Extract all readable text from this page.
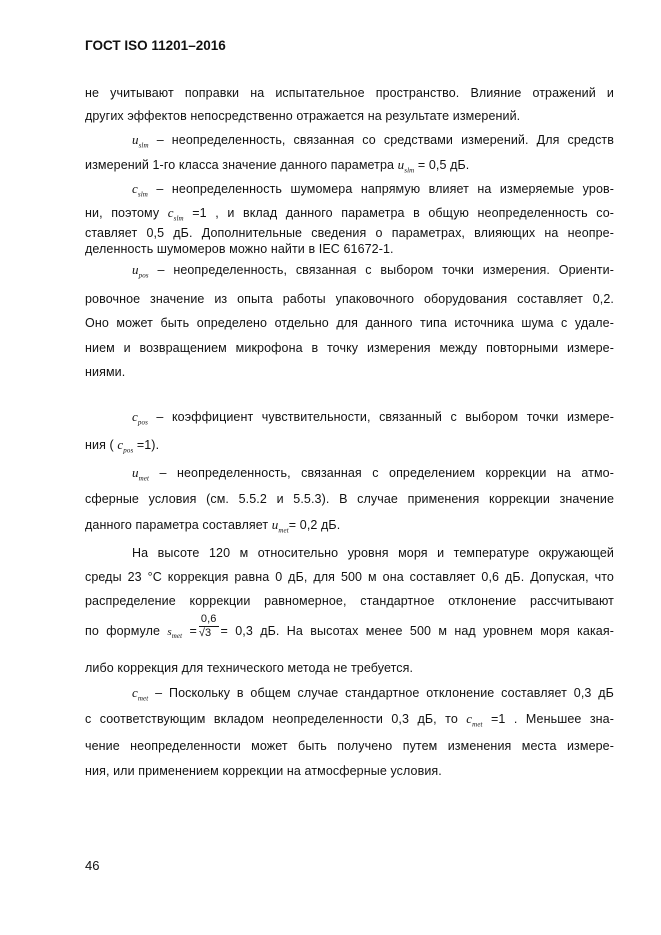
ГОСТ ISO 11201–2016
не учитывают поправки на испытательное пространство. Влияние отражений и
других эффектов непосредственно отражается на результате измерений.
$u_{slm}$ – неопределенность, связанная со средствами измерений. Для средств
измерений 1-го класса значение данного параметра $u_{slm} = 0,5$ дБ.
$c_{slm}$ – неопределенность шумомера напрямую влияет на измеряемые уров-
ни, поэтому $c_{slm} =1$ , и вклад данного параметра в общую неопределенность со-
ставляет 0,5 дБ. Дополнительные сведения о параметрах, влияющих на неопре-
деленность шумомеров можно найти в IEC 61672-1.
$u_{pos}$ – неопределенность, связанная с выбором точки измерения. Ориенти-
ровочное значение из опыта работы упаковочного оборудования составляет 0,2.
Оно может быть определено отдельно для данного типа источника шума с удале-
нием и возвращением микрофона в точку измерения между повторными измере-
ниями.
$c_{pos}$ – коэффициент чувствительности, связанный с выбором точки измере-
ния ( $c_{pos} =1$).
$u_{met}$ – неопределенность, связанная с определением коррекции на атмо-
сферные условия (см. 5.5.2 и 5.5.3). В случае применения коррекции значение
данного параметра составляет $u_{met}= 0,2$ дБ.
На высоте 120 м относительно уровня моря и температуре окружающей
среды 23 °С коррекция равна 0 дБ, для 500 м она составляет 0,6 дБ. Допуская, что
распределение коррекции равномерное, стандартное отклонение рассчитывают
по формуле $s_{met} = \frac{0,6}{√3} = 0,3$ дБ. На высотах менее 500 м над уровнем моря какая-
либо коррекция для технического метода не требуется.
$c_{met}$ – Поскольку в общем случае стандартное отклонение составляет 0,3 дБ
с соответствующим вкладом неопределенности 0,3 дБ, то $c_{met} =1$ . Меньшее зна-
чение неопределенности может быть получено путем изменения места измере-
ния, или применением коррекции на атмосферные условия.
46
